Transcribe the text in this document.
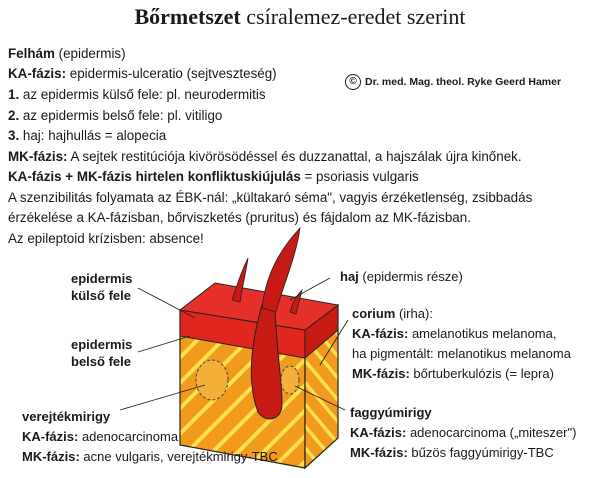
Bőrmetszet csíralemez-eredet szerint
Felhám (epidermis)
KA-fázis: epidermis-ulceratio (sejtveszteség)
1. az epidermis külső fele: pl. neurodermitis
2. az epidermis belső fele: pl. vitiligo
3. haj: hajhullás = alopecia
MK-fázis: A sejtek restitúciója kivörösödéssel és duzzanattal, a hajszálak újra kinőnek.
KA-fázis + MK-fázis hirtelen konfliktuskiújulás = psoriasis vulgaris
A szenzibilitás folyamata az ÉBK-nál: „kültakaró séma", vagyis érzéketlenség, zsibbadás
érzékelése a KA-fázisban, bőrviszketés (pruritus) és fájdalom az MK-fázisban.
Az epileptoid krízisben: absence!
© Dr. med. Mag. theol. Ryke Geerd Hamer
epidermis
külső fele
epidermis
belső fele
haj (epidermis része)
corium (irha):
KA-fázis: amelanotikus melanoma,
ha pigmentált: melanotikus melanoma
MK-fázis: bőrtuberkulózis (= lepra)
verejtékmirigy
KA-fázis: adenocarcinoma
MK-fázis: acne vulgaris, verejtékmirigy-TBC
faggyúmirigy
KA-fázis: adenocarcinoma („miteszer")
MK-fázis: bűzös faggyúmirigy-TBC
